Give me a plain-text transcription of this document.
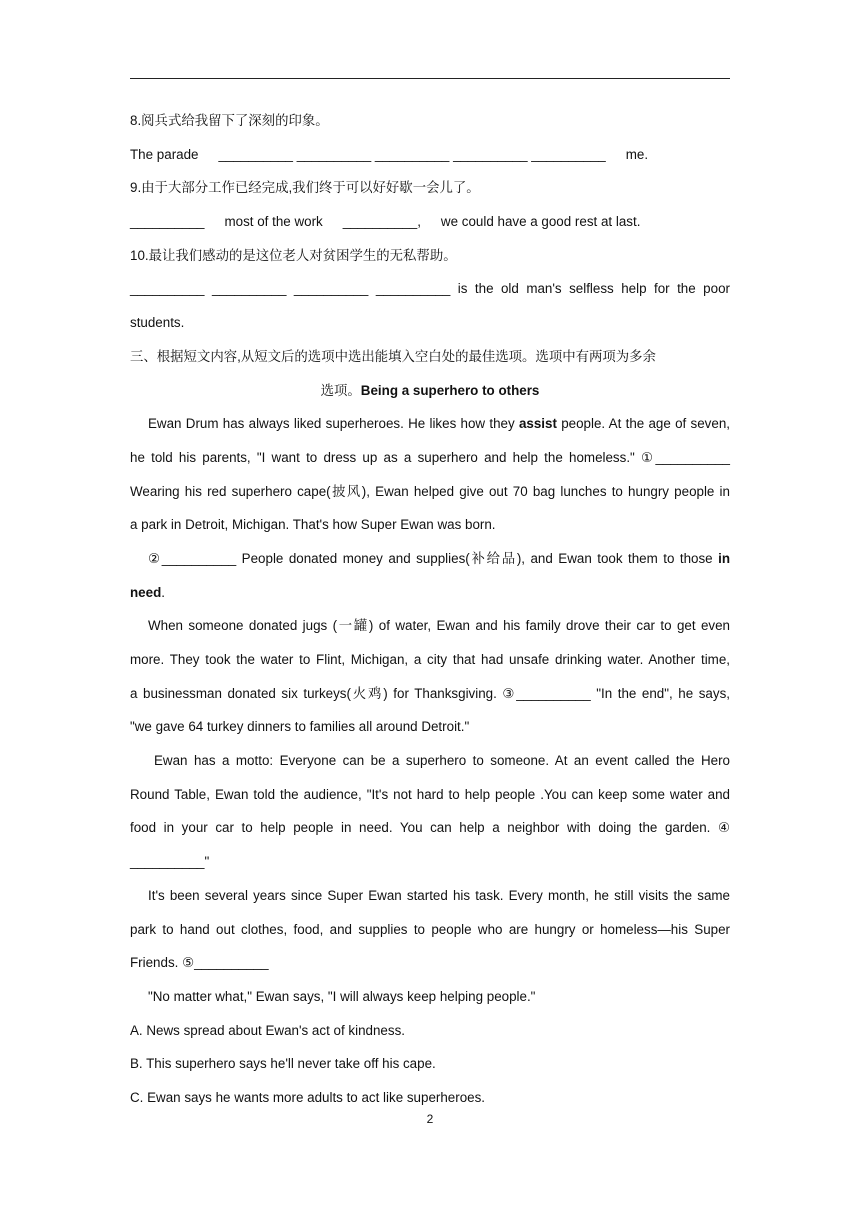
8.阅兵式给我留下了深刻的印象。
The parade __________ __________ __________ __________ __________ me.
9.由于大部分工作已经完成,我们终于可以好好歇一会儿了。
__________ most of the work __________, we could have a good rest at last.
10.最让我们感动的是这位老人对贫困学生的无私帮助。
__________ __________ __________ __________ is the old man's selfless help for the poor
students.
三、根据短文内容,从短文后的选项中选出能填入空白处的最佳选项。选项中有两项为多余
选项。Being a superhero to others
Ewan Drum has always liked superheroes. He likes how they assist people. At the age of seven,
he told his parents, "I want to dress up as a superhero and help the homeless." ①__________
Wearing his red superhero cape(披风), Ewan helped give out 70 bag lunches to hungry people in
a park in Detroit, Michigan. That's how Super Ewan was born.
②__________ People donated money and supplies(补给品), and Ewan took them to those in
need.
When someone donated jugs (一罐) of water, Ewan and his family drove their car to get even
more. They took the water to Flint, Michigan, a city that had unsafe drinking water. Another time,
a businessman donated six turkeys(火鸡) for Thanksgiving. ③__________ "In the end", he says,
"we gave 64 turkey dinners to families all around Detroit."
Ewan has a motto: Everyone can be a superhero to someone. At an event called the Hero
Round Table, Ewan told the audience, "It's not hard to help people .You can keep some water and
food in your car to help people in need. You can help a neighbor with doing the garden. ④
__________"
It's been several years since Super Ewan started his task. Every month, he still visits the same
park to hand out clothes, food, and supplies to people who are hungry or homeless—his Super
Friends. ⑤__________
"No matter what," Ewan says, "I will always keep helping people."
A. News spread about Ewan's act of kindness.
B. This superhero says he'll never take off his cape.
C. Ewan says he wants more adults to act like superheroes.
2
